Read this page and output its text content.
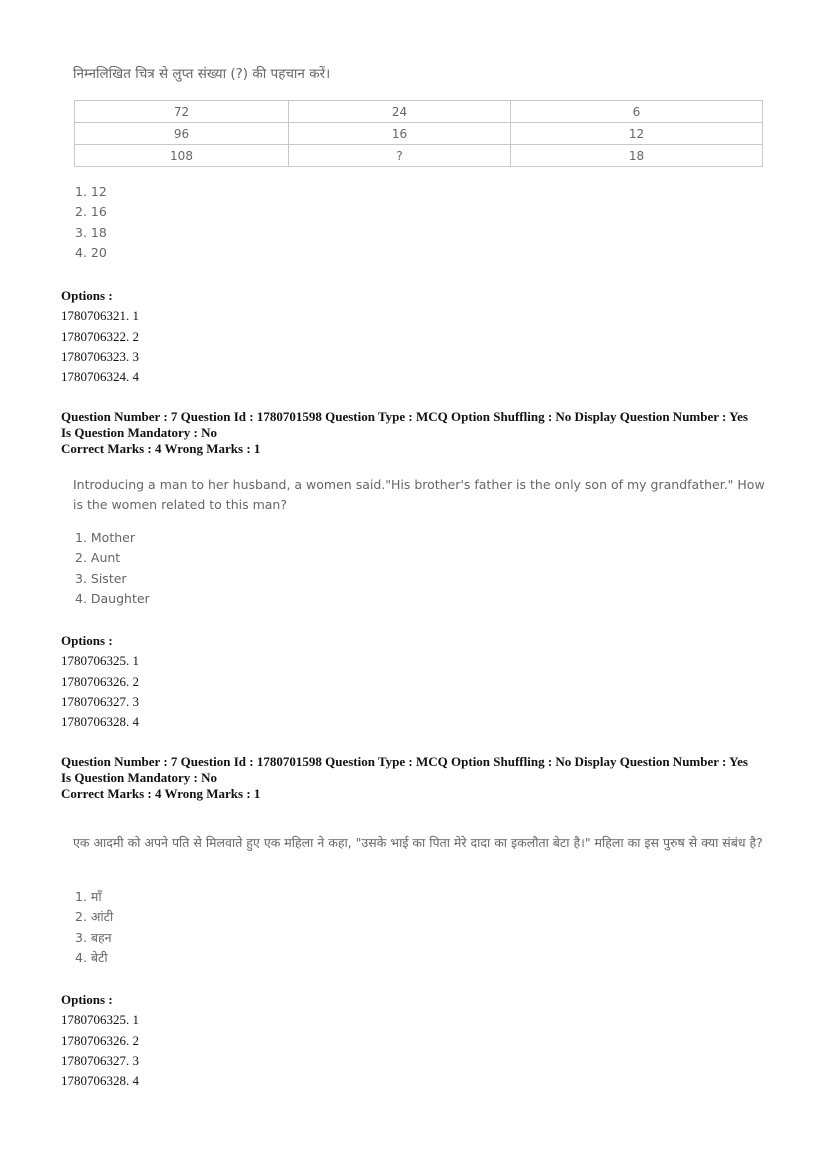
निम्नलिखित चित्र से लुप्त संख्या (?) की पहचान करें।
72	24	6
96	16	12
108	?	18
1. 12
2. 16
3. 18
4. 20
Options :
1780706321. 1
1780706322. 2
1780706323. 3
1780706324. 4
Question Number : 7 Question Id : 1780701598 Question Type : MCQ Option Shuffling : No Display Question Number : Yes
Is Question Mandatory : No
Correct Marks : 4 Wrong Marks : 1
Introducing a man to her husband, a women said."His brother's father is the only son of my grandfather." How is the women related to this man?
1. Mother
2. Aunt
3. Sister
4. Daughter
Options :
1780706325. 1
1780706326. 2
1780706327. 3
1780706328. 4
Question Number : 7 Question Id : 1780701598 Question Type : MCQ Option Shuffling : No Display Question Number : Yes
Is Question Mandatory : No
Correct Marks : 4 Wrong Marks : 1
एक आदमी को अपने पति से मिलवाते हुए एक महिला ने कहा, "उसके भाई का पिता मेरे दादा का इकलौता बेटा है।" महिला का इस पुरुष से क्या संबंध है?
1. माँ
2. आंटी
3. बहन
4. बेटी
Options :
1780706325. 1
1780706326. 2
1780706327. 3
1780706328. 4
